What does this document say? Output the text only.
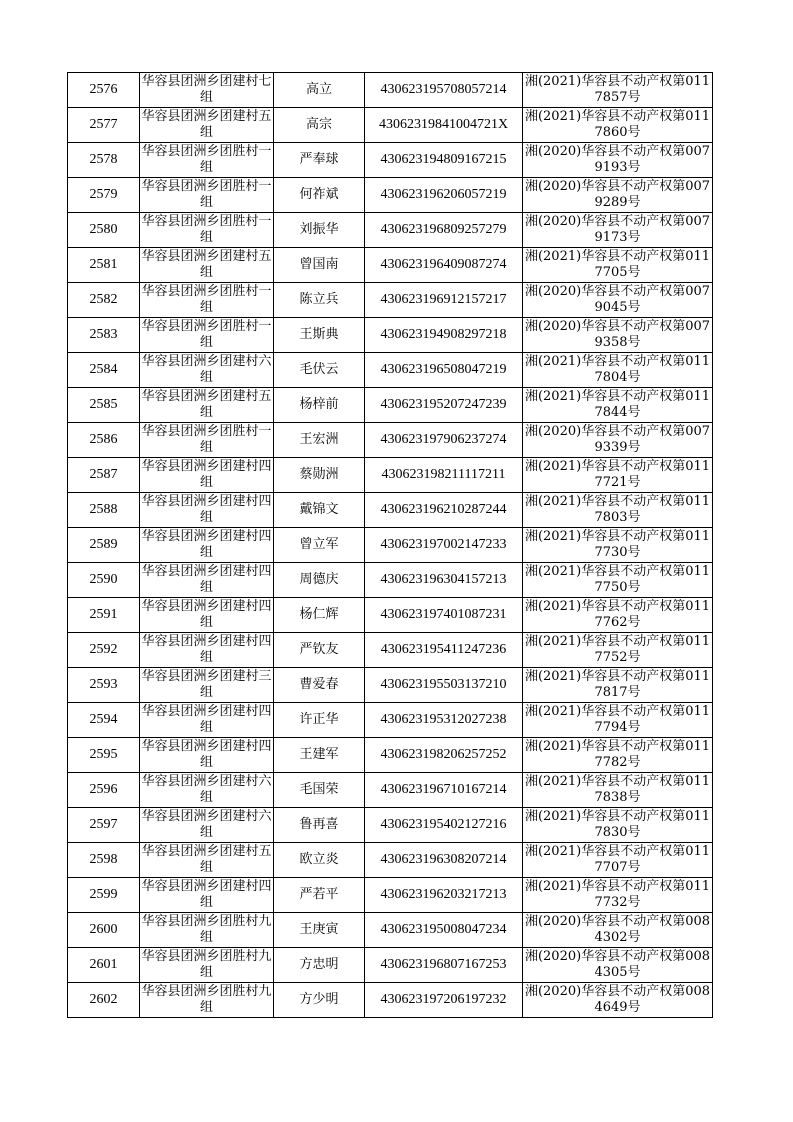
2576	华容县团洲乡团建村七组	高立	430623195708057214	湘(2021)华容县不动产权第0117857号
2577	华容县团洲乡团建村五组	高宗	43062319841004721X	湘(2021)华容县不动产权第0117860号
2578	华容县团洲乡团胜村一组	严奉球	430623194809167215	湘(2020)华容县不动产权第0079193号
2579	华容县团洲乡团胜村一组	何祚斌	430623196206057219	湘(2020)华容县不动产权第0079289号
2580	华容县团洲乡团胜村一组	刘振华	430623196809257279	湘(2020)华容县不动产权第0079173号
2581	华容县团洲乡团建村五组	曾国南	430623196409087274	湘(2021)华容县不动产权第0117705号
2582	华容县团洲乡团胜村一组	陈立兵	430623196912157217	湘(2020)华容县不动产权第0079045号
2583	华容县团洲乡团胜村一组	王斯典	430623194908297218	湘(2020)华容县不动产权第0079358号
2584	华容县团洲乡团建村六组	毛伏云	430623196508047219	湘(2021)华容县不动产权第0117804号
2585	华容县团洲乡团建村五组	杨梓前	430623195207247239	湘(2021)华容县不动产权第0117844号
2586	华容县团洲乡团胜村一组	王宏洲	430623197906237274	湘(2020)华容县不动产权第0079339号
2587	华容县团洲乡团建村四组	蔡勋洲	430623198211117211	湘(2021)华容县不动产权第0117721号
2588	华容县团洲乡团建村四组	戴锦文	430623196210287244	湘(2021)华容县不动产权第0117803号
2589	华容县团洲乡团建村四组	曾立军	430623197002147233	湘(2021)华容县不动产权第0117730号
2590	华容县团洲乡团建村四组	周德庆	430623196304157213	湘(2021)华容县不动产权第0117750号
2591	华容县团洲乡团建村四组	杨仁辉	430623197401087231	湘(2021)华容县不动产权第0117762号
2592	华容县团洲乡团建村四组	严钦友	430623195411247236	湘(2021)华容县不动产权第0117752号
2593	华容县团洲乡团建村三组	曹爱春	430623195503137210	湘(2021)华容县不动产权第0117817号
2594	华容县团洲乡团建村四组	许正华	430623195312027238	湘(2021)华容县不动产权第0117794号
2595	华容县团洲乡团建村四组	王建军	430623198206257252	湘(2021)华容县不动产权第0117782号
2596	华容县团洲乡团建村六组	毛国荣	430623196710167214	湘(2021)华容县不动产权第0117838号
2597	华容县团洲乡团建村六组	鲁再喜	430623195402127216	湘(2021)华容县不动产权第0117830号
2598	华容县团洲乡团建村五组	欧立炎	430623196308207214	湘(2021)华容县不动产权第0117707号
2599	华容县团洲乡团建村四组	严若平	430623196203217213	湘(2021)华容县不动产权第0117732号
2600	华容县团洲乡团胜村九组	王庚寅	430623195008047234	湘(2020)华容县不动产权第0084302号
2601	华容县团洲乡团胜村九组	方忠明	430623196807167253	湘(2020)华容县不动产权第0084305号
2602	华容县团洲乡团胜村九组	方少明	430623197206197232	湘(2020)华容县不动产权第0084649号
